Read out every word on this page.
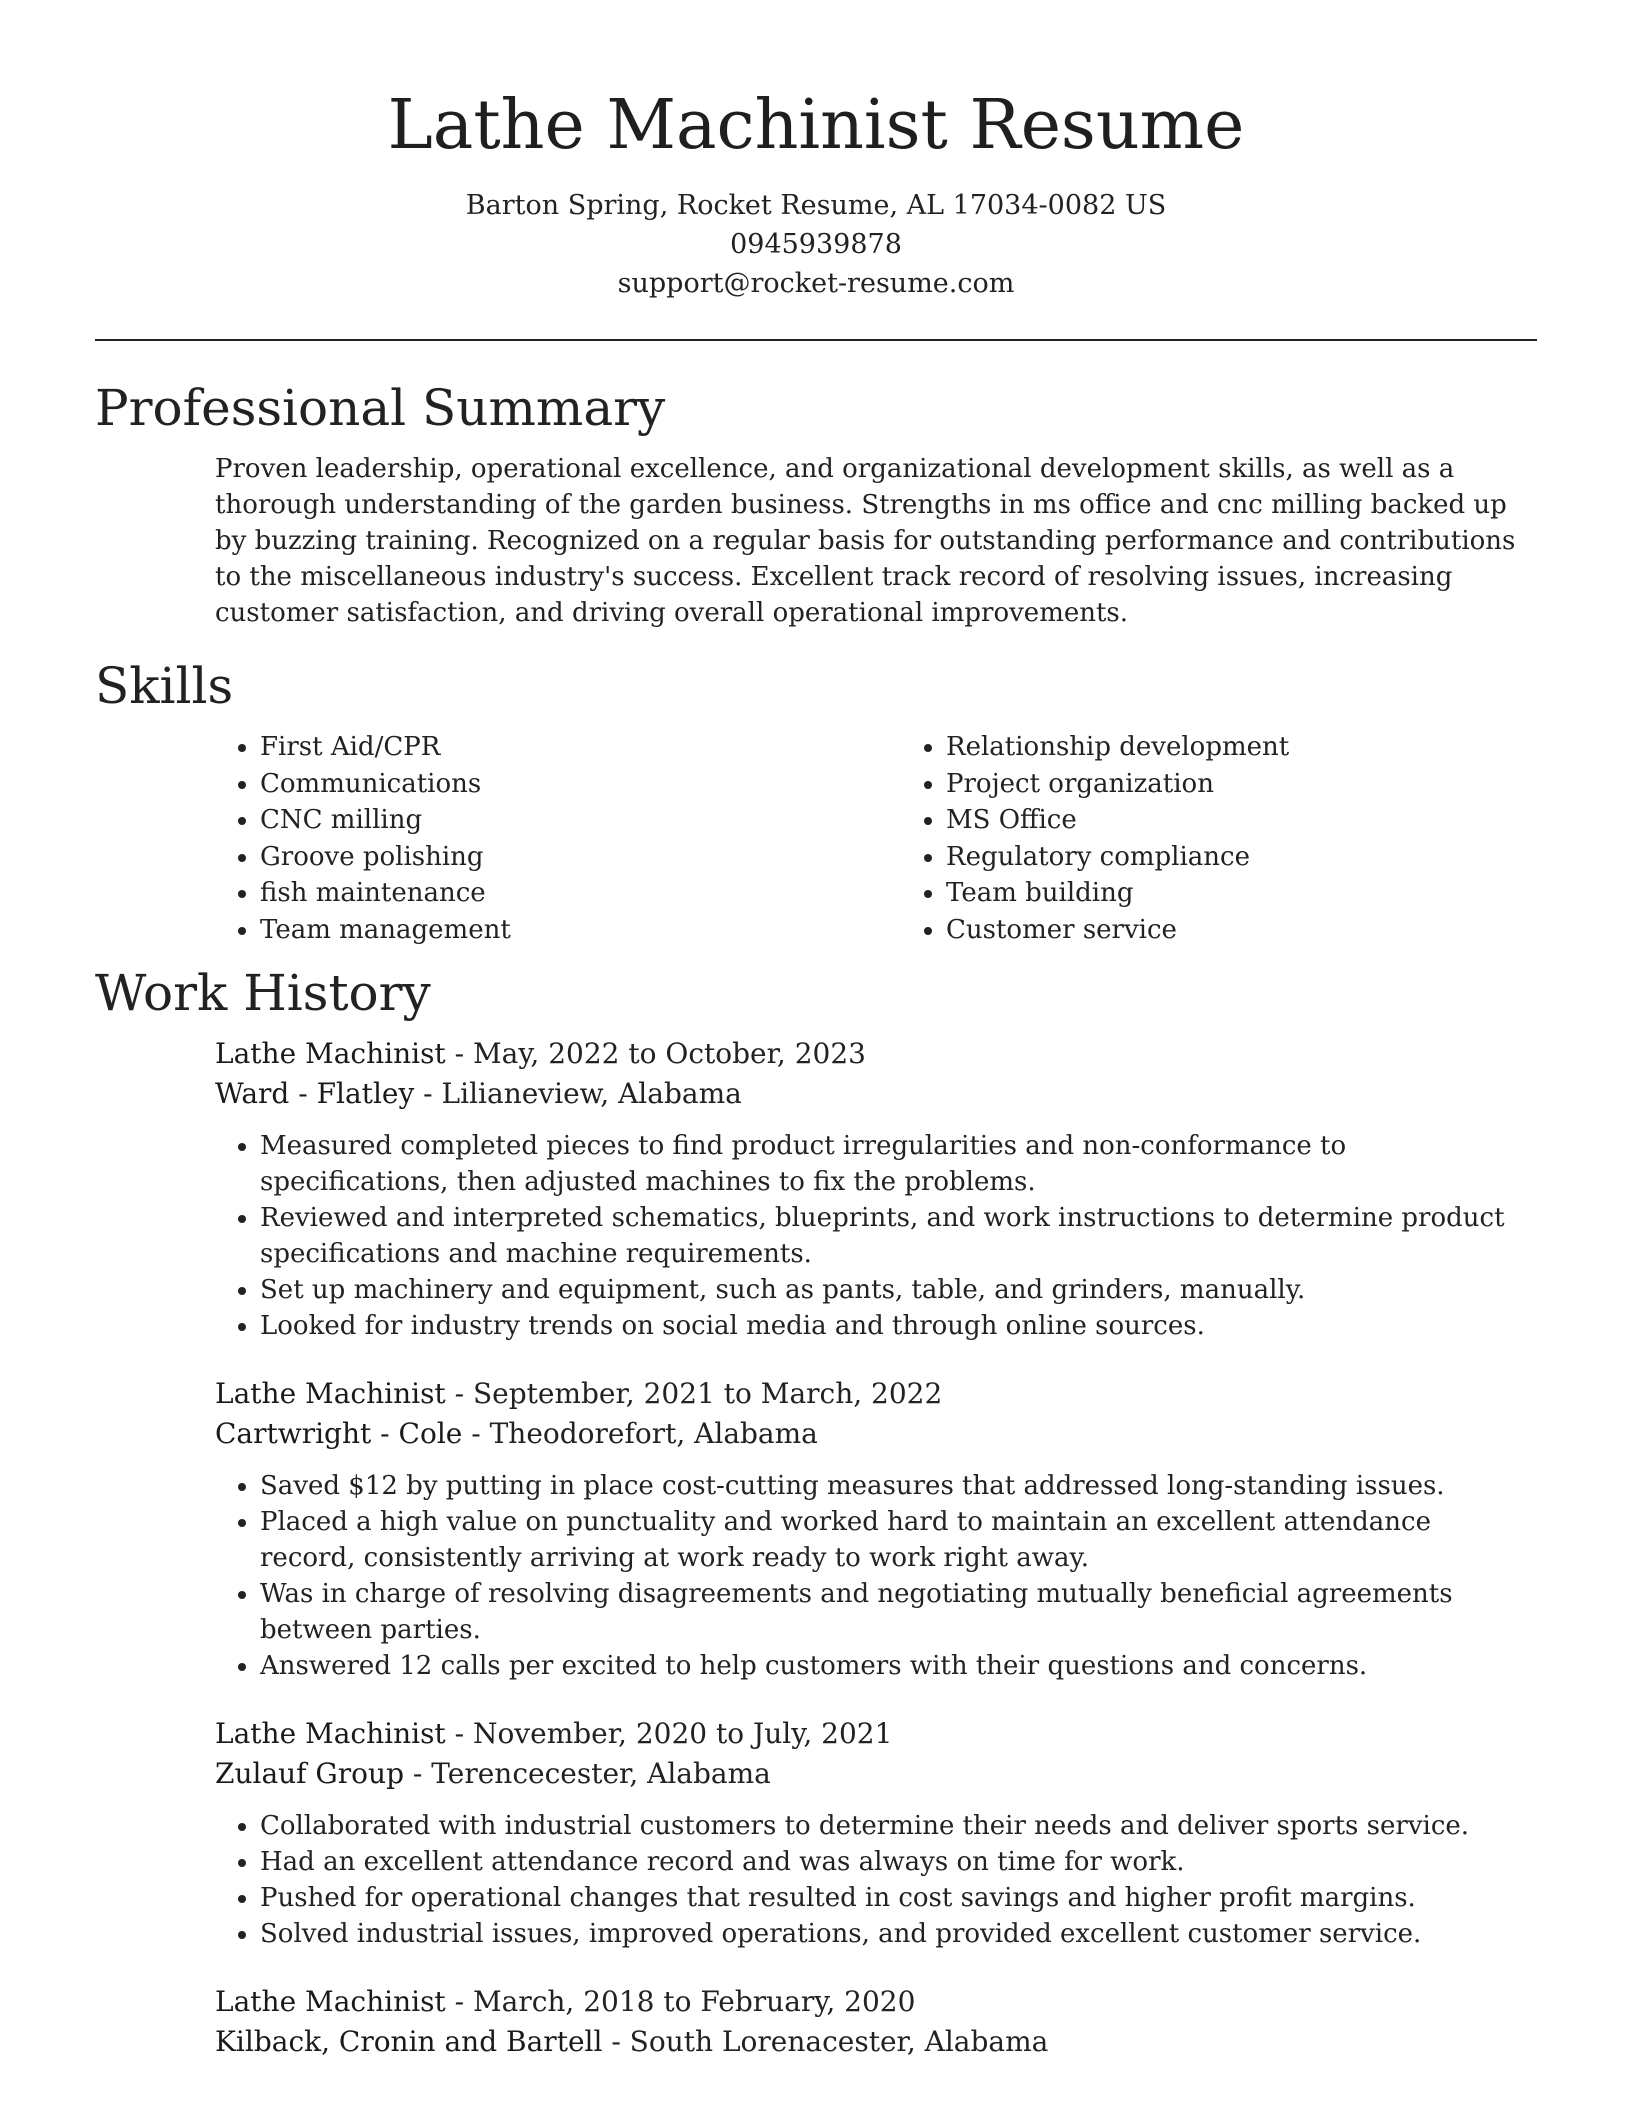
Lathe Machinist Resume
Barton Spring, Rocket Resume, AL 17034-0082 US
0945939878
support@rocket-resume.com
Professional Summary

Proven leadership, operational excellence, and organizational development skills, as well as a thorough understanding of the garden business. Strengths in ms office and cnc milling backed up by buzzing training. Recognized on a regular basis for outstanding performance and contributions to the miscellaneous industry's success. Excellent track record of resolving issues, increasing customer satisfaction, and driving overall operational improvements.

Skills
• First Aid/CPR
• Communications
• CNC milling
• Groove polishing
• fish maintenance
• Team management
• Relationship development
• Project organization
• MS Office
• Regulatory compliance
• Team building
• Customer service
Work History
Lathe Machinist - May, 2022 to October, 2023
Ward - Flatley - Lilianeview, Alabama
• Measured completed pieces to find product irregularities and non-conformance to specifications, then adjusted machines to fix the problems.
• Reviewed and interpreted schematics, blueprints, and work instructions to determine product specifications and machine requirements.
• Set up machinery and equipment, such as pants, table, and grinders, manually.
• Looked for industry trends on social media and through online sources.
Lathe Machinist - September, 2021 to March, 2022
Cartwright - Cole - Theodorefort, Alabama
• Saved $12 by putting in place cost-cutting measures that addressed long-standing issues.
• Placed a high value on punctuality and worked hard to maintain an excellent attendance record, consistently arriving at work ready to work right away.
• Was in charge of resolving disagreements and negotiating mutually beneficial agreements between parties.
• Answered 12 calls per excited to help customers with their questions and concerns.
Lathe Machinist - November, 2020 to July, 2021
Zulauf Group - Terencecester, Alabama
• Collaborated with industrial customers to determine their needs and deliver sports service.
• Had an excellent attendance record and was always on time for work.
• Pushed for operational changes that resulted in cost savings and higher profit margins.
• Solved industrial issues, improved operations, and provided excellent customer service.
Lathe Machinist - March, 2018 to February, 2020
Kilback, Cronin and Bartell - South Lorenacester, Alabama
